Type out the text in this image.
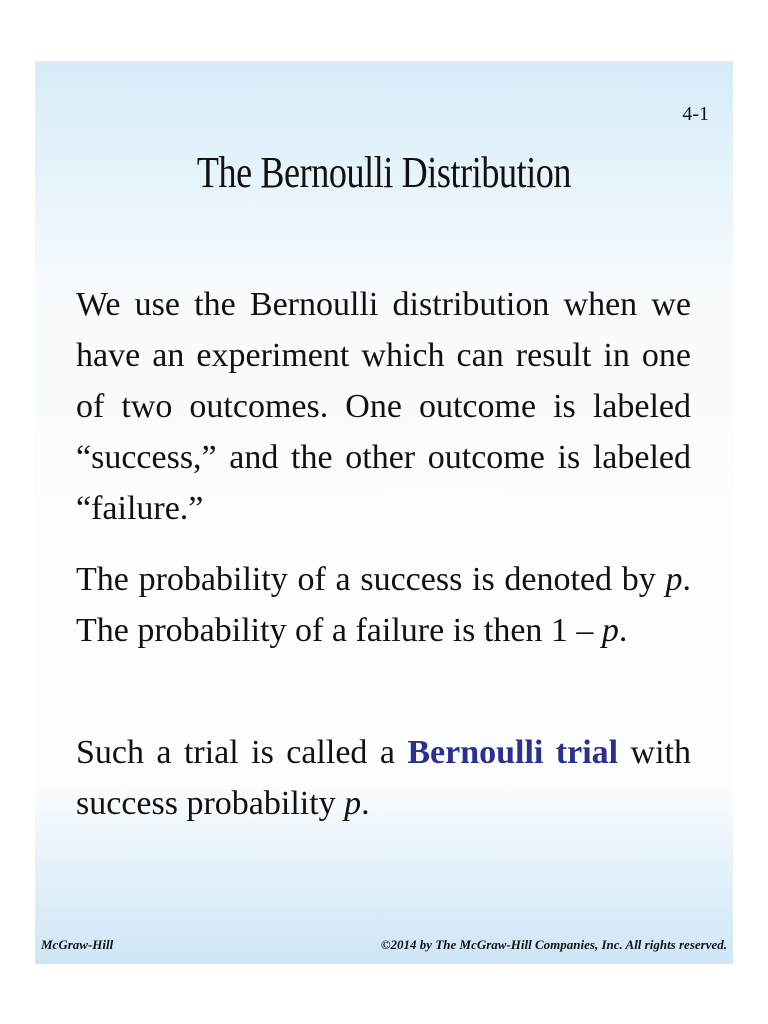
4-1
The Bernoulli Distribution
We use the Bernoulli distribution when we have an experiment which can result in one of two outcomes. One outcome is labeled “success,” and the other outcome is labeled “failure.”
The probability of a success is denoted by p. The probability of a failure is then 1 – p.
Such a trial is called a Bernoulli trial with success probability p.
McGraw-Hill	©2014 by The McGraw-Hill Companies, Inc. All rights reserved.
